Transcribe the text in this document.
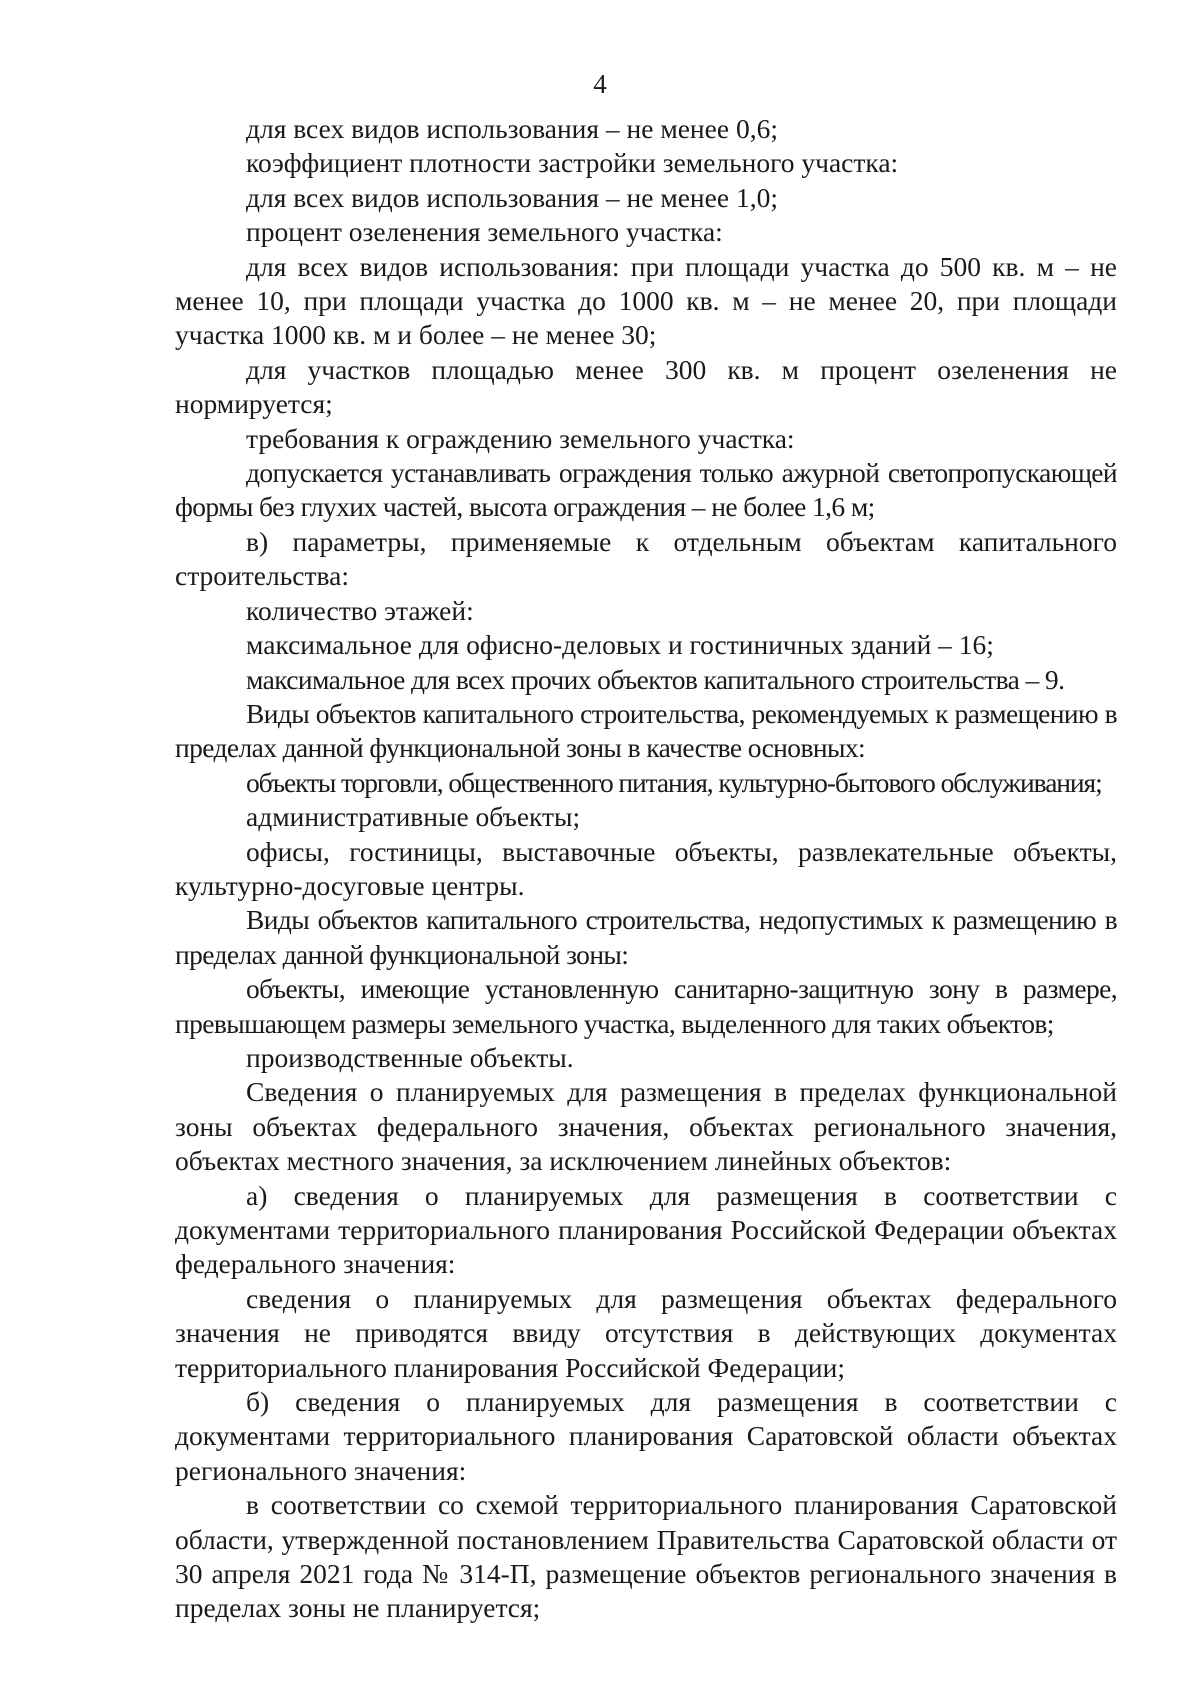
4

для всех видов использования – не менее 0,6;

коэффициент плотности застройки земельного участка:

для всех видов использования – не менее 1,0;

процент озеленения земельного участка:

для всех видов использования: при площади участка до 500 кв. м – не менее 10, при площади участка до 1000 кв. м – не менее 20, при площади участка 1000 кв. м и более – не менее 30;

для участков площадью менее 300 кв. м процент озеленения не нормируется;

требования к ограждению земельного участка:

допускается устанавливать ограждения только ажурной светопропускающей формы без глухих частей, высота ограждения – не более 1,6 м;

в) параметры, применяемые к отдельным объектам капитального строительства:

количество этажей:

максимальное для офисно-деловых и гостиничных зданий – 16;

максимальное для всех прочих объектов капитального строительства – 9.

Виды объектов капитального строительства, рекомендуемых к размещению в пределах данной функциональной зоны в качестве основных:

объекты торговли, общественного питания, культурно-бытового обслуживания;

административные объекты;

офисы, гостиницы, выставочные объекты, развлекательные объекты, культурно-досуговые центры.

Виды объектов капитального строительства, недопустимых к размещению в пределах данной функциональной зоны:

объекты, имеющие установленную санитарно-защитную зону в размере, превышающем размеры земельного участка, выделенного для таких объектов;

производственные объекты.

Сведения о планируемых для размещения в пределах функциональной зоны объектах федерального значения, объектах регионального значения, объектах местного значения, за исключением линейных объектов:

а) сведения о планируемых для размещения в соответствии с документами территориального планирования Российской Федерации объектах федерального значения:

сведения о планируемых для размещения объектах федерального значения не приводятся ввиду отсутствия в действующих документах территориального планирования Российской Федерации;

б) сведения о планируемых для размещения в соответствии с документами территориального планирования Саратовской области объектах регионального значения:

в соответствии со схемой территориального планирования Саратовской области, утвержденной постановлением Правительства Саратовской области от 30 апреля 2021 года № 314-П, размещение объектов регионального значения в пределах зоны не планируется;
